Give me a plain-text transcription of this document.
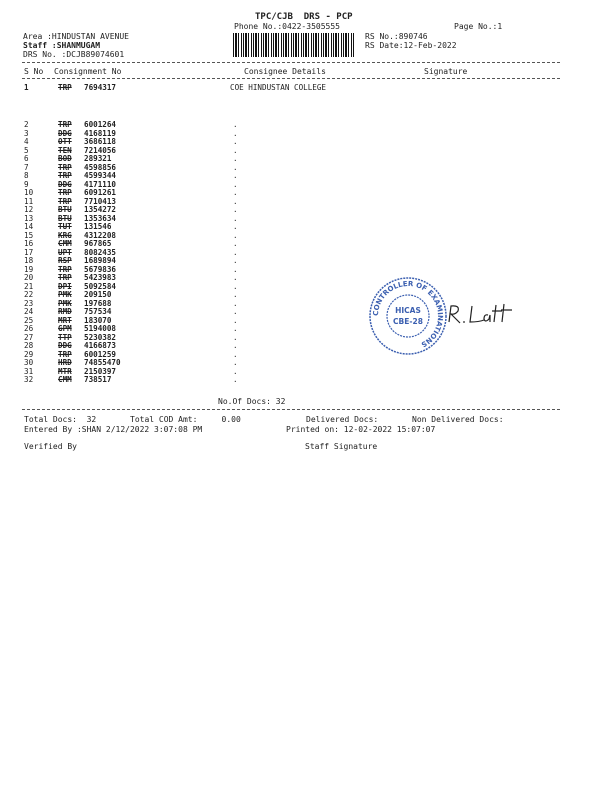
TPC/CJB  DRS - PCP
Phone No.:0422-3505555	Page No.:1
Area :HINDUSTAN AVENUE
Staff :SHANMUGAM
DRS No. :DCJB89074601
RS No.:890746
RS Date:12-Feb-2022
S No Consignment No	Consignee Details	Signature
1	TRP 7694317	COE HINDUSTAN COLLEGE
2	TRP 6001264	.
3	DDG 4168119	.
4	OTT 3686118	.
5	TEN 7214056	.
6	BOD 289321	.
7	TRP 4598856	.
8	TRP 4599344	.
9	DDG 4171110	.
10	TRP 6091261	.
11	TRP 7710413	.
12	BTU 1354272	.
13	BTU 1353634	.
14	TUT 131546	.
15	KRG 4312208	.
16	CMM 967865	.
17	UPT 8082435	.
18	RSP 1689894	.
19	TRP 5679836	.
20	TRP 5423983	.
21	DPI 5092584	.
22	PMK 209150	.
23	PMK 197688	.
24	RMD 757534	.
25	MRT 183070	.
26	GPM 5194008	.
27	TTP 5230382	.
28	DDG 4166873	.
29	TRP 6001259	.
30	HRD 74855470	.
31	MTR 2150397	.
32	CMM 738517	.
No.Of Docs: 32
Total Docs:  32	Total COD Amt:     0.00	Delivered Docs:	Non Delivered Docs:
Entered By :SHAN 2/12/2022 3:07:08 PM	Printed on: 12-02-2022 15:07:07
Verified By	Staff Signature
CONTROLLER OF EXAMINATIONS
HICAS
CBE-28
